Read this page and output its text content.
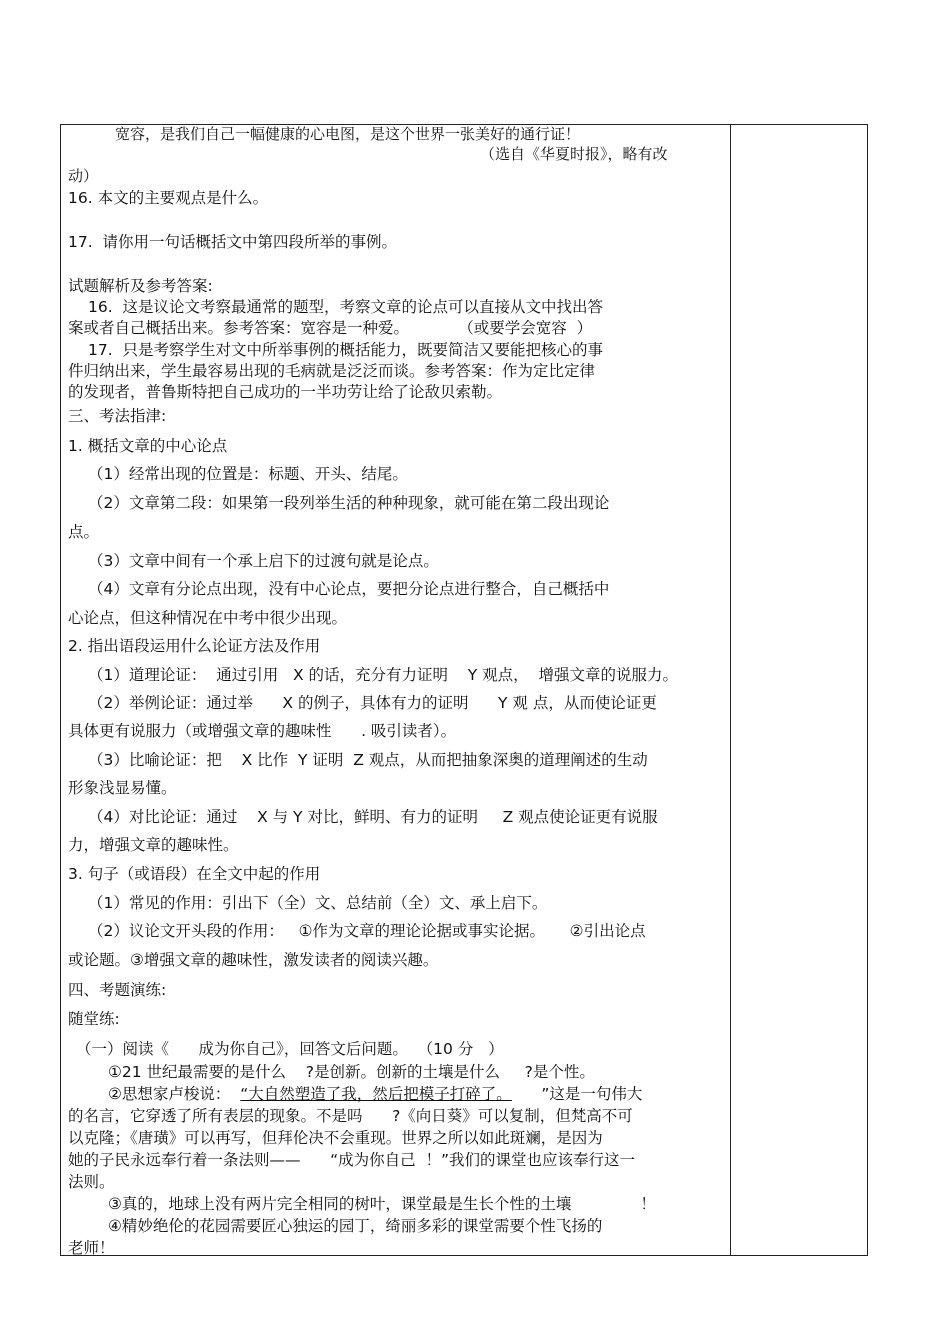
宽容，是我们自己一幅健康的心电图，是这个世界一张美好的通行证！
（选自《华夏时报》，略有改
动）
16. 本文的主要观点是什么。
17.  请你用一句话概括文中第四段所举的事例。
试题解析及参考答案:
16.  这是议论文考察最通常的题型，考察文章的论点可以直接从文中找出答
案或者自己概括出来。参考答案：宽容是一种爱。          （或要学会宽容  ）
17.  只是考察学生对文中所举事例的概括能力，既要简洁又要能把核心的事
件归纳出来，学生最容易出现的毛病就是泛泛而谈。参考答案：作为定比定律
的发现者，普鲁斯特把自己成功的一半功劳让给了论敌贝索勒。
三、考法指津:
1. 概括文章的中心论点
（1）经常出现的位置是：标题、开头、结尾。
（2）文章第二段：如果第一段列举生活的种种现象，就可能在第二段出现论
点。
（3）文章中间有一个承上启下的过渡句就是论点。
（4）文章有分论点出现，没有中心论点，要把分论点进行整合，自己概括中
心论点，但这种情况在中考中很少出现。
2. 指出语段运用什么论证方法及作用
（1）道理论证：  通过引用   X 的话，充分有力证明    Y 观点，  增强文章的说服力。
（2）举例论证：通过举      X 的例子，具体有力的证明      Y 观 点，从而使论证更
具体更有说服力（或增强文章的趣味性      . 吸引读者）。
（3）比喻论证：把    X 比作  Y 证明  Z 观点，从而把抽象深奥的道理阐述的生动
形象浅显易懂。
（4）对比论证：通过    X 与 Y 对比，鲜明、有力的证明     Z 观点使论证更有说服
力，增强文章的趣味性。
3. 句子（或语段）在全文中起的作用
（1）常见的作用：引出下（全）文、总结前（全）文、承上启下。
（2）议论文开头段的作用：   ①作为文章的理论论据或事实论据。     ②引出论点
或论题。③增强文章的趣味性，激发读者的阅读兴趣。
四、考题演练:
随堂练:
（一）阅读《      成为你自己》，回答文后问题。  （10 分   ）
①21 世纪最需要的是什么    ?是创新。创新的土壤是什么     ?是个性。
②思想家卢梭说：  “大自然塑造了我，然后把模子打碎了。      ”这是一句伟大
的名言，它穿透了所有表层的现象。不是吗      ?《向日葵》可以复制，但梵高不可
以克隆；《唐璜》可以再写，但拜伦决不会重现。世界之所以如此斑斓，是因为
她的子民永远奉行着一条法则——      “成为你自己  ！”我们的课堂也应该奉行这一
法则。
③真的，地球上没有两片完全相同的树叶，课堂最是生长个性的土壤              ！
④精妙绝伦的花园需要匠心独运的园丁，绮丽多彩的课堂需要个性飞扬的
老师！
